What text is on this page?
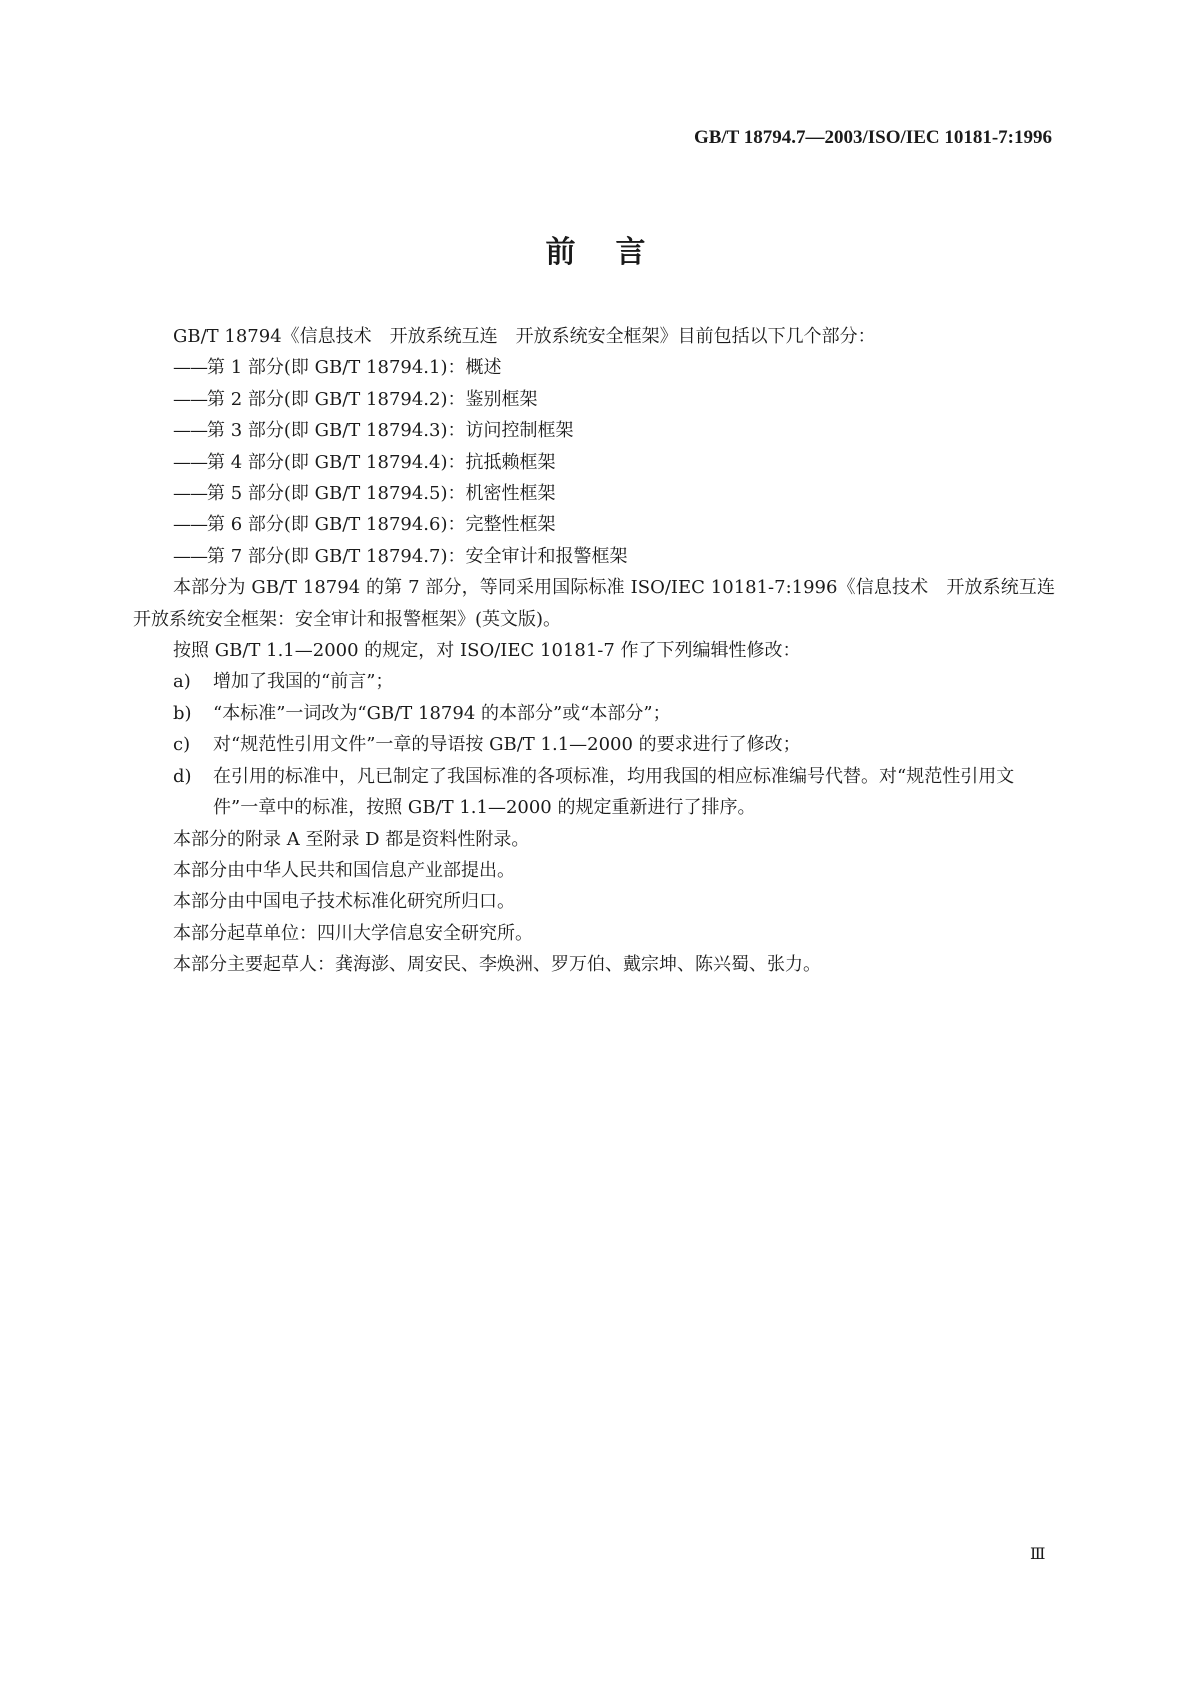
GB/T 18794.7—2003/ISO/IEC 10181-7:1996
前言

GB/T 18794《信息技术　开放系统互连　开放系统安全框架》目前包括以下几个部分：

——第 1 部分(即 GB/T 18794.1)：概述

——第 2 部分(即 GB/T 18794.2)：鉴别框架

——第 3 部分(即 GB/T 18794.3)：访问控制框架

——第 4 部分(即 GB/T 18794.4)：抗抵赖框架

——第 5 部分(即 GB/T 18794.5)：机密性框架

——第 6 部分(即 GB/T 18794.6)：完整性框架

——第 7 部分(即 GB/T 18794.7)：安全审计和报警框架

本部分为 GB/T 18794 的第 7 部分，等同采用国际标准 ISO/IEC 10181-7:1996《信息技术　开放系统互连　开放系统安全框架：安全审计和报警框架》(英文版)。

按照 GB/T 1.1—2000 的规定，对 ISO/IEC 10181-7 作了下列编辑性修改：

a) 增加了我国的“前言”；

b) “本标准”一词改为“GB/T 18794 的本部分”或“本部分”；

c) 对“规范性引用文件”一章的导语按 GB/T 1.1—2000 的要求进行了修改；

d) 在引用的标准中，凡已制定了我国标准的各项标准，均用我国的相应标准编号代替。对“规范性引用文件”一章中的标准，按照 GB/T 1.1—2000 的规定重新进行了排序。

本部分的附录 A 至附录 D 都是资料性附录。

本部分由中华人民共和国信息产业部提出。

本部分由中国电子技术标准化研究所归口。

本部分起草单位：四川大学信息安全研究所。

本部分主要起草人：龚海澎、周安民、李焕洲、罗万伯、戴宗坤、陈兴蜀、张力。

Ⅲ
